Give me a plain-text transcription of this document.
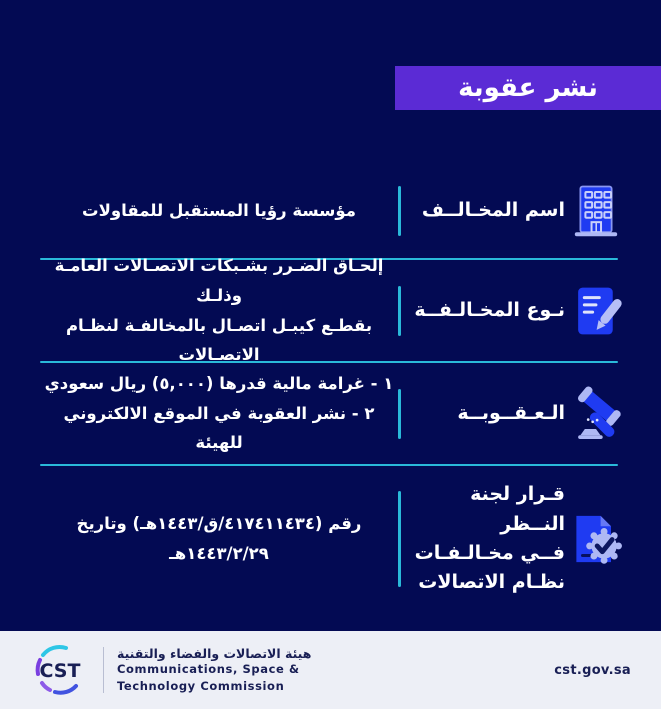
نشر عقوبة
اسم المخـالــف
مؤسسة رؤيا المستقبل للمقاولات
نـوع المخـالـفــة
إلحـاق الضـرر بشـبكات الاتصـالات العامـة وذلـك
بقطـع كيبـل اتصـال بالمخالفـة لنظـام الاتصـالات
الـعـقــوبــة
١ - غرامة مالية قدرها (٥,٠٠٠) ريال سعودي
٢ - نشر العقوبة في الموقع الالكتروني للهيئة
قـرار لجنة النــظر
فــي مخـالـفـات
نظـام الاتصالات
رقم (٤١٧٤١١٤٣٤/ق/١٤٤٣هـ) وتاريخ ١٤٤٣/٢/٢٩هـ
CST
هيئة الاتصالات والفضاء والتقنية
Communications, Space &
Technology Commission
cst.gov.sa
